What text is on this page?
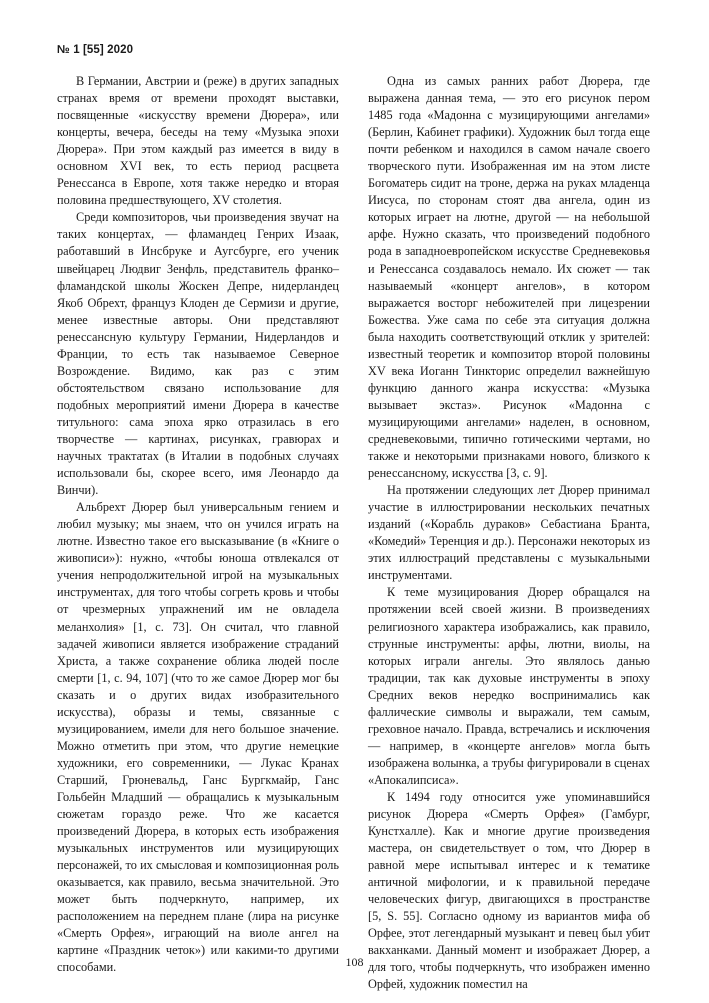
№ 1 [55] 2020

В Германии, Австрии и (реже) в других западных странах время от времени проходят выставки, посвященные «искусству времени Дюрера», или концерты, вечера, беседы на тему «Музыка эпохи Дюрера». При этом каждый раз имеется в виду в основном XVI век, то есть период расцвета Ренессанса в Европе, хотя также нередко и вторая половина предшествующего, XV столетия.

Среди композиторов, чьи произведения звучат на таких концертах, — фламандец Генрих Изаак, работавший в Инсбруке и Аугсбурге, его ученик швейцарец Людвиг Зенфль, представитель франко–фламандской школы Жоскен Депре, нидерландец Якоб Обрехт, француз Клоден де Сермизи и другие, менее известные авторы. Они представляют ренессансную культуру Германии, Нидерландов и Франции, то есть так называемое Северное Возрождение. Видимо, как раз с этим обстоятельством связано использование для подобных мероприятий имени Дюрера в качестве титульного: сама эпоха ярко отразилась в его творчестве — картинах, рисунках, гравюрах и научных трактатах (в Италии в подобных случаях использовали бы, скорее всего, имя Леонардо да Винчи).

Альбрехт Дюрер был универсальным гением и любил музыку; мы знаем, что он учился играть на лютне. Известно такое его высказывание (в «Книге о живописи»): нужно, «чтобы юноша отвлекался от учения непродолжительной игрой на музыкальных инструментах, для того чтобы согреть кровь и чтобы от чрезмерных упражнений им не овладела меланхолия» [1, с. 73]. Он считал, что главной задачей живописи является изображение страданий Христа, а также сохранение облика людей после смерти [1, с. 94, 107] (что то же самое Дюрер мог бы сказать и о других видах изобразительного искусства), образы и темы, связанные с музицированием, имели для него большое значение. Можно отметить при этом, что другие немецкие художники, его современники, — Лукас Кранах Старший, Грюневальд, Ганс Бургкмайр, Ганс Гольбейн Младший — обращались к музыкальным сюжетам гораздо реже. Что же касается произведений Дюрера, в которых есть изображения музыкальных инструментов или музицирующих персонажей, то их смысловая и композиционная роль оказывается, как правило, весьма значительной. Это может быть подчеркнуто, например, их расположением на переднем плане (лира на рисунке «Смерть Орфея», играющий на виоле ангел на картине «Праздник четок») или какими-то другими способами.

Одна из самых ранних работ Дюрера, где выражена данная тема, — это его рисунок пером 1485 года «Мадонна с музицирующими ангелами» (Берлин, Кабинет графики). Художник был тогда еще почти ребенком и находился в самом начале своего творческого пути. Изображенная им на этом листе Богоматерь сидит на троне, держа на руках младенца Иисуса, по сторонам стоят два ангела, один из которых играет на лютне, другой — на небольшой арфе. Нужно сказать, что произведений подобного рода в западноевропейском искусстве Средневековья и Ренессанса создавалось немало. Их сюжет — так называемый «концерт ангелов», в котором выражается восторг небожителей при лицезрении Божества. Уже сама по себе эта ситуация должна была находить соответствующий отклик у зрителей: известный теоретик и композитор второй половины XV века Иоганн Тинкторис определил важнейшую функцию данного жанра искусства: «Музыка вызывает экстаз». Рисунок «Мадонна с музицирующими ангелами» наделен, в основном, средневековыми, типично готическими чертами, но также и некоторыми признаками нового, близкого к ренессансному, искусства [3, с. 9].

На протяжении следующих лет Дюрер принимал участие в иллюстрировании нескольких печатных изданий («Корабль дураков» Себастиана Бранта, «Комедий» Теренция и др.). Персонажи некоторых из этих иллюстраций представлены с музыкальными инструментами.

К теме музицирования Дюрер обращался на протяжении всей своей жизни. В произведениях религиозного характера изображались, как правило, струнные инструменты: арфы, лютни, виолы, на которых играли ангелы. Это являлось данью традиции, так как духовые инструменты в эпоху Средних веков нередко воспринимались как фаллические символы и выражали, тем самым, греховное начало. Правда, встречались и исключения — например, в «концерте ангелов» могла быть изображена волынка, а трубы фигурировали в сценах «Апокалипсиса».

К 1494 году относится уже упоминавшийся рисунок Дюрера «Смерть Орфея» (Гамбург, Кунстхалле). Как и многие другие произведения мастера, он свидетельствует о том, что Дюрер в равной мере испытывал интерес и к тематике античной мифологии, и к правильной передаче человеческих фигур, двигающихся в пространстве [5, S. 55]. Согласно одному из вариантов мифа об Орфее, этот легендарный музыкант и певец был убит вакханками. Данный момент и изображает Дюрер, а для того, чтобы подчеркнуть, что изображен именно Орфей, художник поместил на

108
